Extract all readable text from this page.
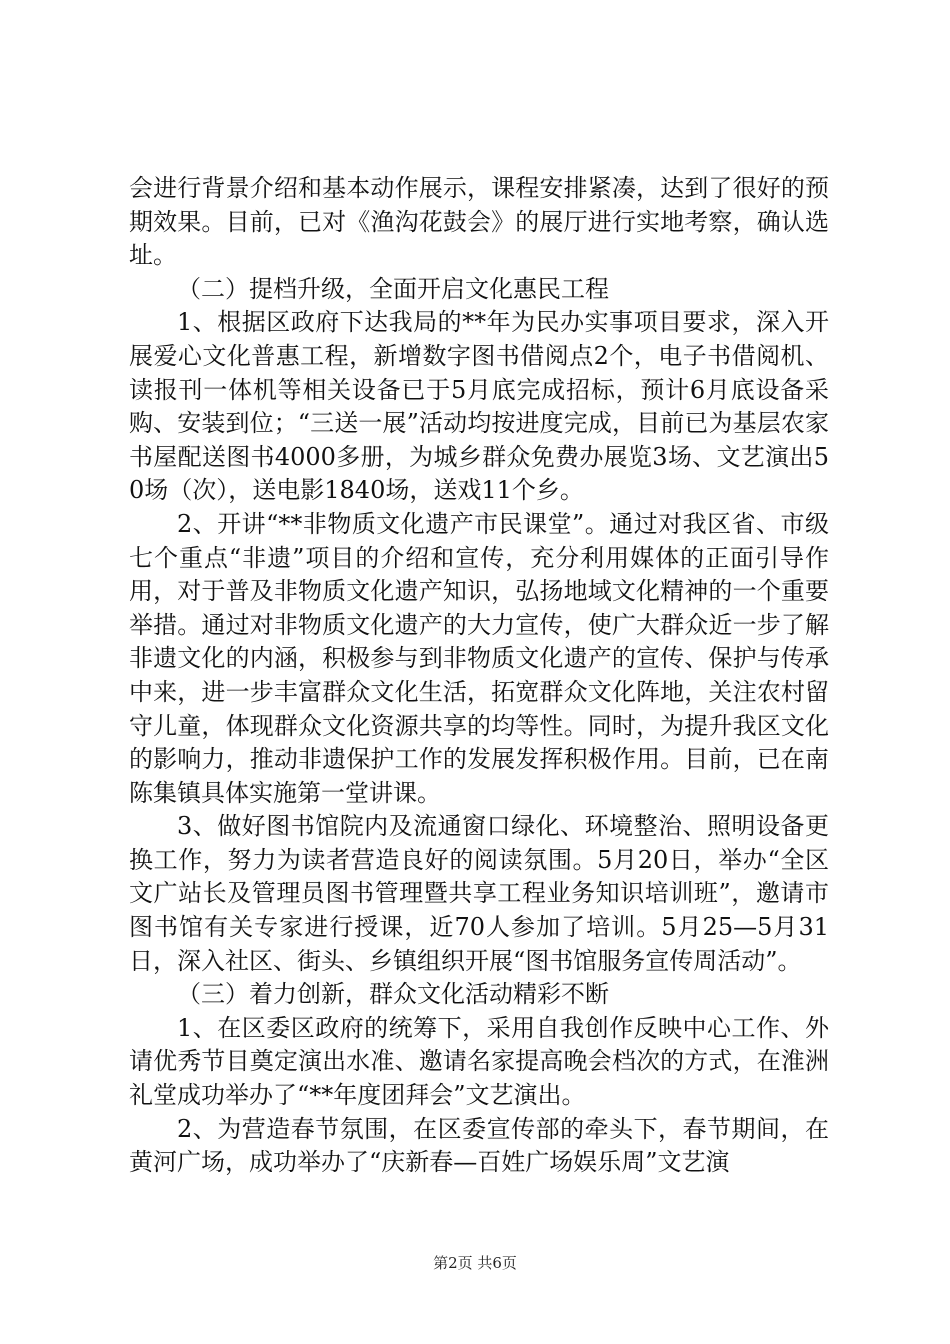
会进行背景介绍和基本动作展示，课程安排紧凑，达到了很好的预期效果。目前，已对《渔沟花鼓会》的展厅进行实地考察，确认选址。

（二）提档升级，全面开启文化惠民工程

1、根据区政府下达我局的**年为民办实事项目要求，深入开展爱心文化普惠工程，新增数字图书借阅点2个，电子书借阅机、读报刊一体机等相关设备已于5月底完成招标，预计6月底设备采购、安装到位；“三送一展”活动均按进度完成，目前已为基层农家书屋配送图书4000多册，为城乡群众免费办展览3场、文艺演出50场（次），送电影1840场，送戏11个乡。

2、开讲“**非物质文化遗产市民课堂”。通过对我区省、市级七个重点“非遗”项目的介绍和宣传，充分利用媒体的正面引导作用，对于普及非物质文化遗产知识，弘扬地域文化精神的一个重要举措。通过对非物质文化遗产的大力宣传，使广大群众近一步了解非遗文化的内涵，积极参与到非物质文化遗产的宣传、保护与传承中来，进一步丰富群众文化生活，拓宽群众文化阵地，关注农村留守儿童，体现群众文化资源共享的均等性。同时，为提升我区文化的影响力，推动非遗保护工作的发展发挥积极作用。目前，已在南陈集镇具体实施第一堂讲课。

3、做好图书馆院内及流通窗口绿化、环境整治、照明设备更换工作，努力为读者营造良好的阅读氛围。5月20日，举办“全区文广站长及管理员图书管理暨共享工程业务知识培训班”，邀请市图书馆有关专家进行授课，近70人参加了培训。5月25—5月31日，深入社区、街头、乡镇组织开展“图书馆服务宣传周活动”。

（三）着力创新，群众文化活动精彩不断

1、在区委区政府的统筹下，采用自我创作反映中心工作、外请优秀节目奠定演出水准、邀请名家提高晚会档次的方式，在淮洲礼堂成功举办了“**年度团拜会”文艺演出。

2、为营造春节氛围，在区委宣传部的牵头下，春节期间，在黄河广场，成功举办了“庆新春—百姓广场娱乐周”文艺演

第2页 共6页
